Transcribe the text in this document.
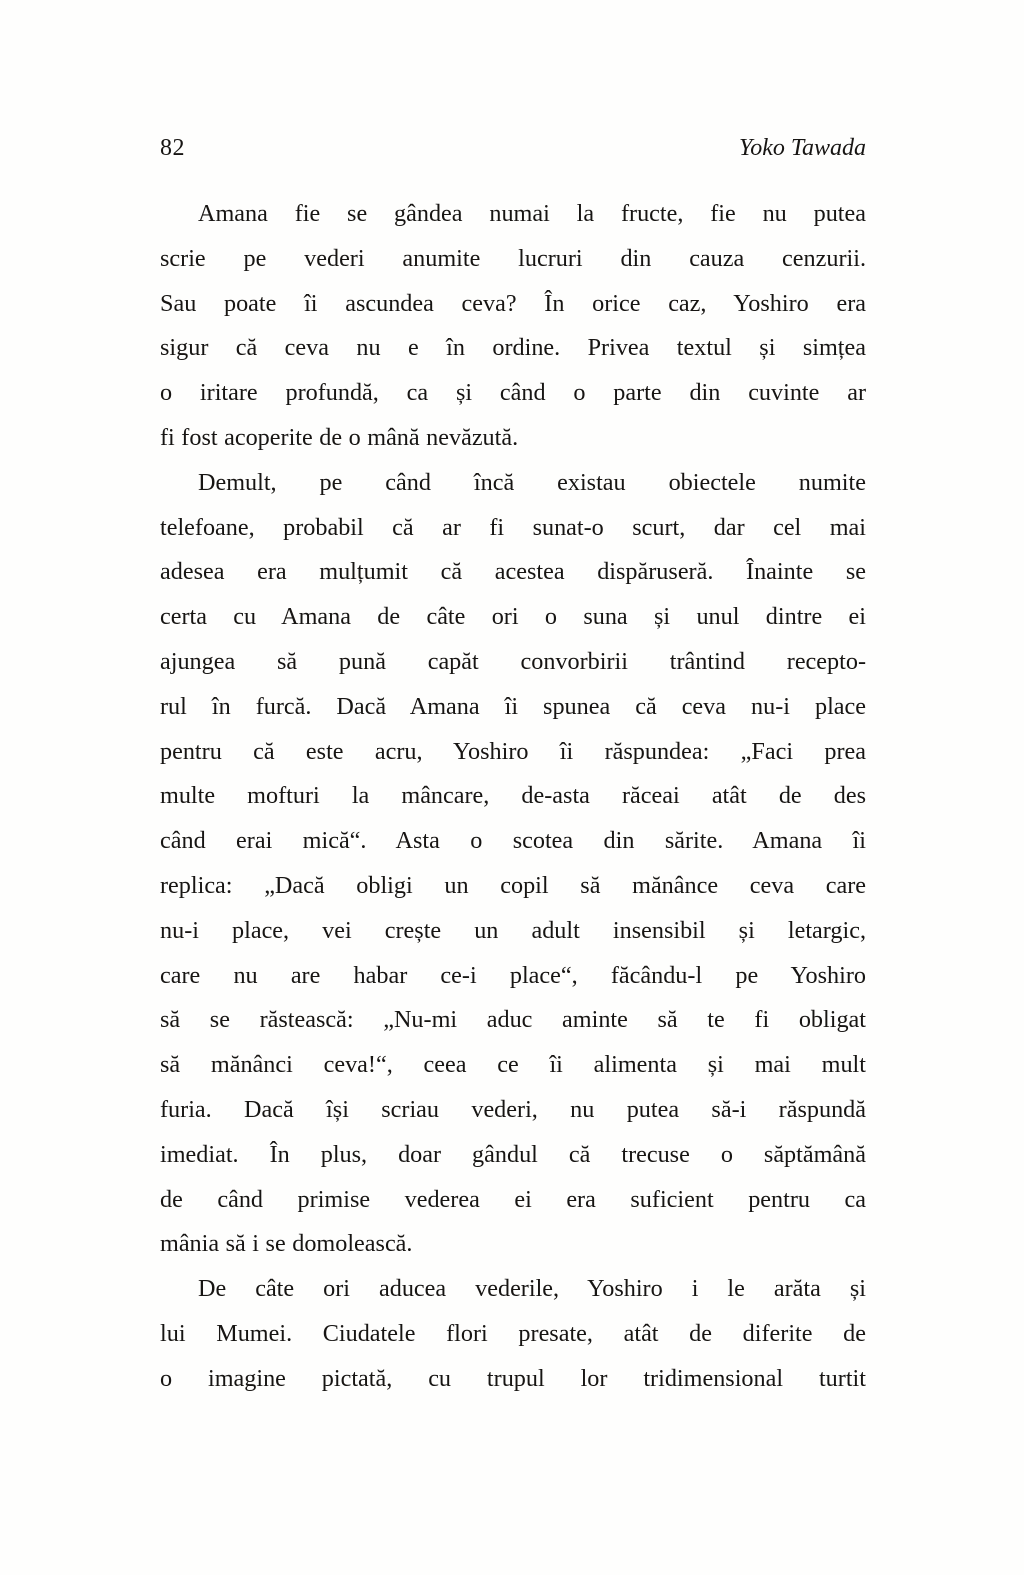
82	Yoko Tawada
Amana fie se gândea numai la fructe, fie nu putea
scrie pe vederi anumite lucruri din cauza cenzurii.
Sau poate îi ascundea ceva? În orice caz, Yoshiro era
sigur că ceva nu e în ordine. Privea textul și simțea
o iritare profundă, ca și când o parte din cuvinte ar
fi fost acoperite de o mână nevăzută.
Demult, pe când încă existau obiectele numite
telefoane, probabil că ar fi sunat-o scurt, dar cel mai
adesea era mulțumit că acestea dispăruseră. Înainte se
certa cu Amana de câte ori o suna și unul dintre ei
ajungea să pună capăt convorbirii trântind recepto-
rul în furcă. Dacă Amana îi spunea că ceva nu-i place
pentru că este acru, Yoshiro îi răspundea: „Faci prea
multe mofturi la mâncare, de-asta răceai atât de des
când erai mică“. Asta o scotea din sărite. Amana îi
replica: „Dacă obligi un copil să mănânce ceva care
nu-i place, vei crește un adult insensibil și letargic,
care nu are habar ce-i place“, făcându-l pe Yoshiro
să se răstească: „Nu-mi aduc aminte să te fi obligat
să mănânci ceva!“, ceea ce îi alimenta și mai mult
furia. Dacă își scriau vederi, nu putea să-i răspundă
imediat. În plus, doar gândul că trecuse o săptămână
de când primise vederea ei era suficient pentru ca
mânia să i se domolească.
De câte ori aducea vederile, Yoshiro i le arăta și
lui Mumei. Ciudatele flori presate, atât de diferite de
o imagine pictată, cu trupul lor tridimensional turtit
